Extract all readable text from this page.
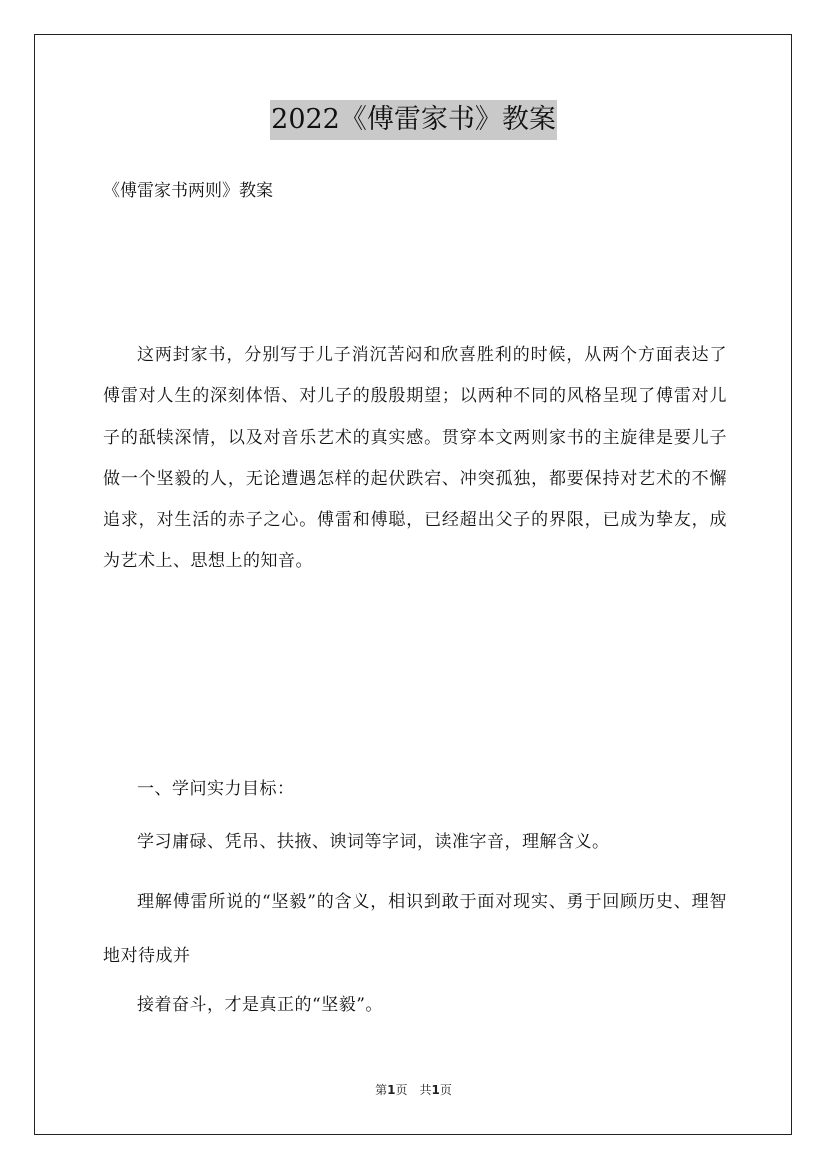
2022《傅雷家书》教案
《傅雷家书两则》教案

这两封家书，分别写于儿子消沉苦闷和欣喜胜利的时候，从两个方面表达了傅雷对人生的深刻体悟、对儿子的殷殷期望；以两种不同的风格呈现了傅雷对儿子的舐犊深情，以及对音乐艺术的真实感。贯穿本文两则家书的主旋律是要儿子做一个坚毅的人，无论遭遇怎样的起伏跌宕、冲突孤独，都要保持对艺术的不懈追求，对生活的赤子之心。傅雷和傅聪，已经超出父子的界限，已成为挚友，成为艺术上、思想上的知音。

一、学问实力目标：

学习庸碌、凭吊、扶掖、谀词等字词，读准字音，理解含义。

理解傅雷所说的“坚毅”的含义，相识到敢于面对现实、勇于回顾历史、理智地对待成并

接着奋斗，才是真正的“坚毅”。

第1页　共1页
